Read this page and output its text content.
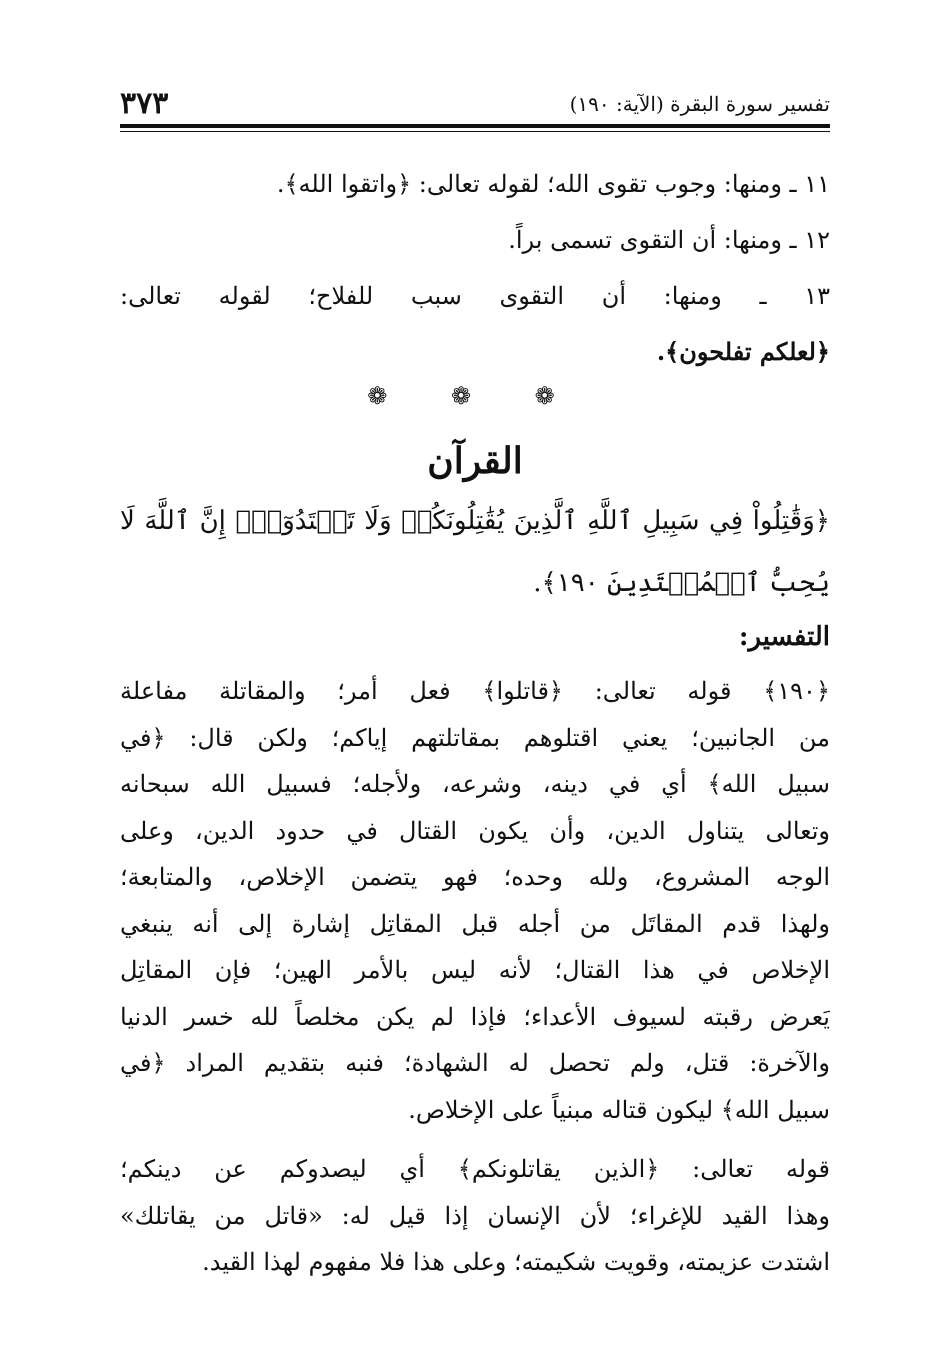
تفسير سورة البقرة (الآية: ١٩٠)
٣٧٣
١١ ـ ومنها: وجوب تقوى الله؛ لقوله تعالى: ﴿واتقوا الله﴾.
١٢ ـ ومنها: أن التقوى تسمى براً.
١٣ ـ ومنها: أن التقوى سبب للفلاح؛ لقوله تعالى:
﴿لعلكم تفلحون﴾.
❁ ❁ ❁
القرآن
﴿وَقَٰتِلُواْ فِي سَبِيلِ ٱللَّهِ ٱلَّذِينَ يُقَٰتِلُونَكُمۡ وَلَا تَعۡتَدُوٓاْۚ إِنَّ ٱللَّهَ لَا
يُحِبُّ ٱلۡمُعۡتَدِينَ ١٩٠﴾.
التفسير:
﴿١٩٠﴾ قوله تعالى: ﴿قاتلوا﴾ فعل أمر؛ والمقاتلة مفاعلة
من الجانبين؛ يعني اقتلوهم بمقاتلتهم إياكم؛ ولكن قال: ﴿في
سبيل الله﴾ أي في دينه، وشرعه، ولأجله؛ فسبيل الله سبحانه
وتعالى يتناول الدين، وأن يكون القتال في حدود الدين، وعلى
الوجه المشروع، ولله وحده؛ فهو يتضمن الإخلاص، والمتابعة؛
ولهذا قدم المقاتَل من أجله قبل المقاتِل إشارة إلى أنه ينبغي
الإخلاص في هذا القتال؛ لأنه ليس بالأمر الهين؛ فإن المقاتِل
يَعرض رقبته لسيوف الأعداء؛ فإذا لم يكن مخلصاً لله خسر الدنيا
والآخرة: قتل، ولم تحصل له الشهادة؛ فنبه بتقديم المراد ﴿في
سبيل الله﴾ ليكون قتاله مبنياً على الإخلاص.
قوله تعالى: ﴿الذين يقاتلونكم﴾ أي ليصدوكم عن دينكم؛
وهذا القيد للإغراء؛ لأن الإنسان إذا قيل له: «قاتل من يقاتلك»
اشتدت عزيمته، وقويت شكيمته؛ وعلى هذا فلا مفهوم لهذا القيد.
